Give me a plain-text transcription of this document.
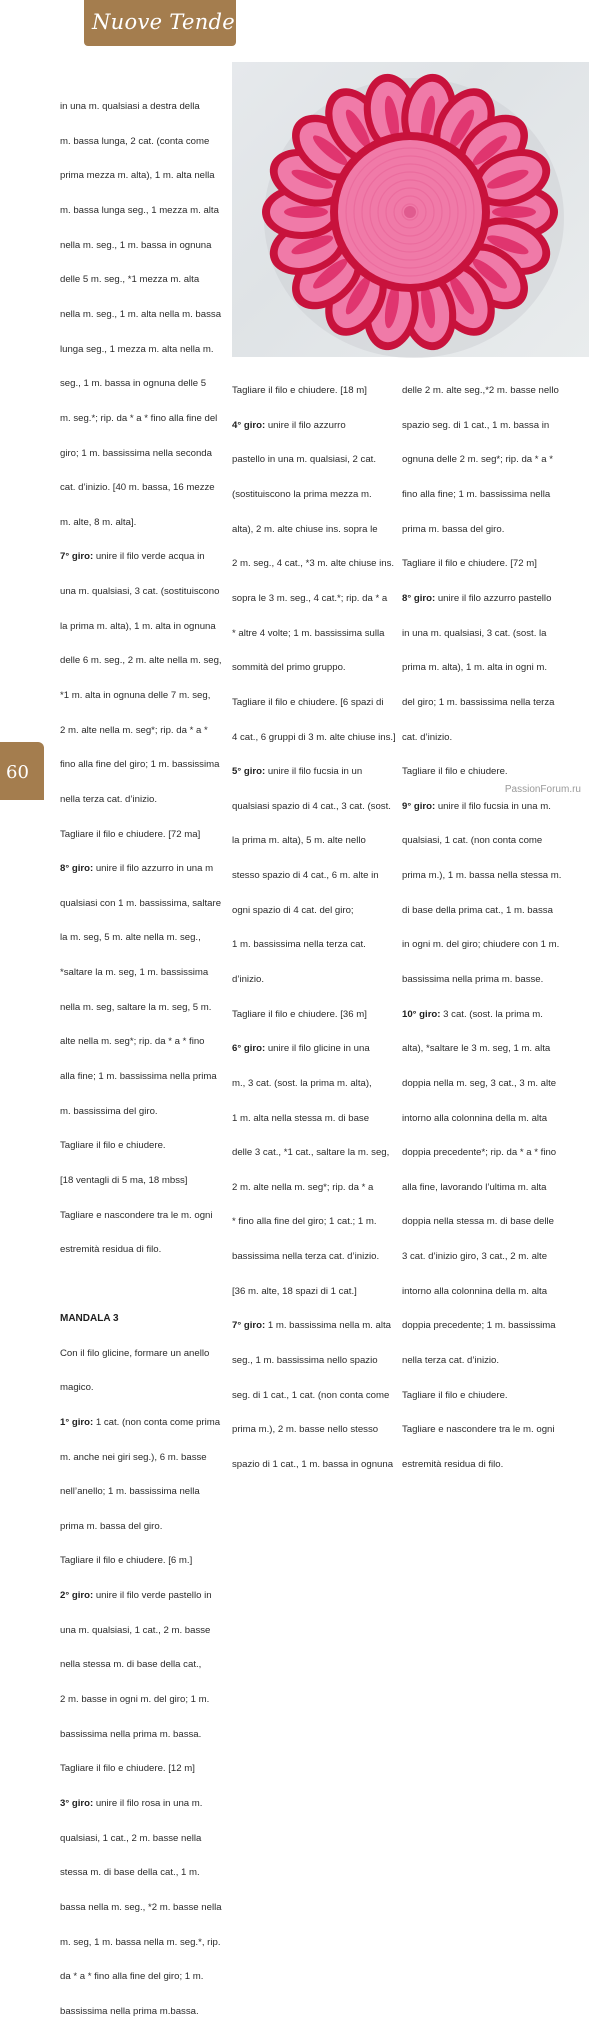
Nuove Tendenze

in una m. qualsiasi a destra della

m. bassa lunga, 2 cat. (conta come

prima mezza m. alta), 1 m. alta nella

m. bassa lunga seg., 1 mezza m. alta

nella m. seg., 1 m. bassa in ognuna

delle 5 m. seg., *1 mezza m. alta

nella m. seg., 1 m. alta nella m. bassa

lunga seg., 1 mezza m. alta nella m.

seg., 1 m. bassa in ognuna delle 5

m. seg.*; rip. da * a * fino alla fine del

giro; 1 m. bassissima nella seconda

cat. d’inizio. [40 m. bassa, 16 mezze

m. alte, 8 m. alta].

7° giro: unire il filo verde acqua in

una m. qualsiasi, 3 cat. (sostituiscono

la prima m. alta), 1 m. alta in ognuna

delle 6 m. seg., 2 m. alte nella m. seg,

*1 m. alta in ognuna delle 7 m. seg,

2 m. alte nella m. seg*; rip. da * a *

fino alla fine del giro; 1 m. bassissima

nella terza cat. d’inizio.

Tagliare il filo e chiudere. [72 ma]

8° giro: unire il filo azzurro in una m

qualsiasi con 1 m. bassissima, saltare

la m. seg, 5 m. alte nella m. seg.,

*saltare la m. seg, 1 m. bassissima

nella m. seg, saltare la m. seg, 5 m.

alte nella m. seg*; rip. da * a * fino

alla fine; 1 m. bassissima nella prima

m. bassissima del giro.

Tagliare il filo e chiudere.

[18 ventagli di 5 ma, 18 mbss]

Tagliare e nascondere tra le m. ogni

estremità residua di filo.

MANDALA 3

Con il filo glicine, formare un anello

magico.

1° giro: 1 cat. (non conta come prima

m. anche nei giri seg.), 6 m. basse

nell’anello; 1 m. bassissima nella

prima m. bassa del giro.

Tagliare il filo e chiudere. [6 m.]

2° giro: unire il filo verde pastello in

una m. qualsiasi, 1 cat., 2 m. basse

nella stessa m. di base della cat.,

2 m. basse in ogni m. del giro; 1 m.

bassissima nella prima m. bassa.

Tagliare il filo e chiudere. [12 m]

3° giro: unire il filo rosa in una m.

qualsiasi, 1 cat., 2 m. basse nella

stessa m. di base della cat., 1 m.

bassa nella m. seg., *2 m. basse nella

m. seg, 1 m. bassa nella m. seg.*, rip.

da * a * fino alla fine del giro; 1 m.

bassissima nella prima m.bassa.

Tagliare il filo e chiudere. [18 m]

4° giro: unire il filo azzurro

pastello in una m. qualsiasi, 2 cat.

(sostituiscono la prima mezza m.

alta), 2 m. alte chiuse ins. sopra le

2 m. seg., 4 cat., *3 m. alte chiuse ins.

sopra le 3 m. seg., 4 cat.*; rip. da * a

* altre 4 volte; 1 m. bassissima sulla

sommità del primo gruppo.

Tagliare il filo e chiudere. [6 spazi di

4 cat., 6 gruppi di 3 m. alte chiuse ins.]

5° giro: unire il filo fucsia in un

qualsiasi spazio di 4 cat., 3 cat. (sost.

la prima m. alta), 5 m. alte nello

stesso spazio di 4 cat., 6 m. alte in

ogni spazio di 4 cat. del giro;

1 m. bassissima nella terza cat.

d’inizio.

Tagliare il filo e chiudere. [36 m]

6° giro: unire il filo glicine in una

m., 3 cat. (sost. la prima m. alta),

1 m. alta nella stessa m. di base

delle 3 cat., *1 cat., saltare la m. seg,

2 m. alte nella m. seg*; rip. da * a

* fino alla fine del giro; 1 cat.; 1 m.

bassissima nella terza cat. d’inizio.

[36 m. alte, 18 spazi di 1 cat.]

7° giro: 1 m. bassissima nella m. alta

seg., 1 m. bassissima nello spazio

seg. di 1 cat., 1 cat. (non conta come

prima m.), 2 m. basse nello stesso

spazio di 1 cat., 1 m. bassa in ognuna

delle 2 m. alte seg.,*2 m. basse nello

spazio seg. di 1 cat., 1 m. bassa in

ognuna delle 2 m. seg*; rip. da * a *

fino alla fine; 1 m. bassissima nella

prima m. bassa del giro.

Tagliare il filo e chiudere. [72 m]

8° giro: unire il filo azzurro pastello

in una m. qualsiasi, 3 cat. (sost. la

prima m. alta), 1 m. alta in ogni m.

del giro; 1 m. bassissima nella terza

cat. d’inizio.

Tagliare il filo e chiudere.

9° giro: unire il filo fucsia in una m.

qualsiasi, 1 cat. (non conta come

prima m.), 1 m. bassa nella stessa m.

di base della prima cat., 1 m. bassa

in ogni m. del giro; chiudere con 1 m.

bassissima nella prima m. basse.

10° giro: 3 cat. (sost. la prima m.

alta), *saltare le 3 m. seg, 1 m. alta

doppia nella m. seg, 3 cat., 3 m. alte

intorno alla colonnina della m. alta

doppia precedente*; rip. da * a * fino

alla fine, lavorando l’ultima m. alta

doppia nella stessa m. di base delle

3 cat. d’inizio giro, 3 cat., 2 m. alte

intorno alla colonnina della m. alta

doppia precedente; 1 m. bassissima

nella terza cat. d’inizio.

Tagliare il filo e chiudere.

Tagliare e nascondere tra le m. ogni

estremità residua di filo.

60
PassionForum.ru
